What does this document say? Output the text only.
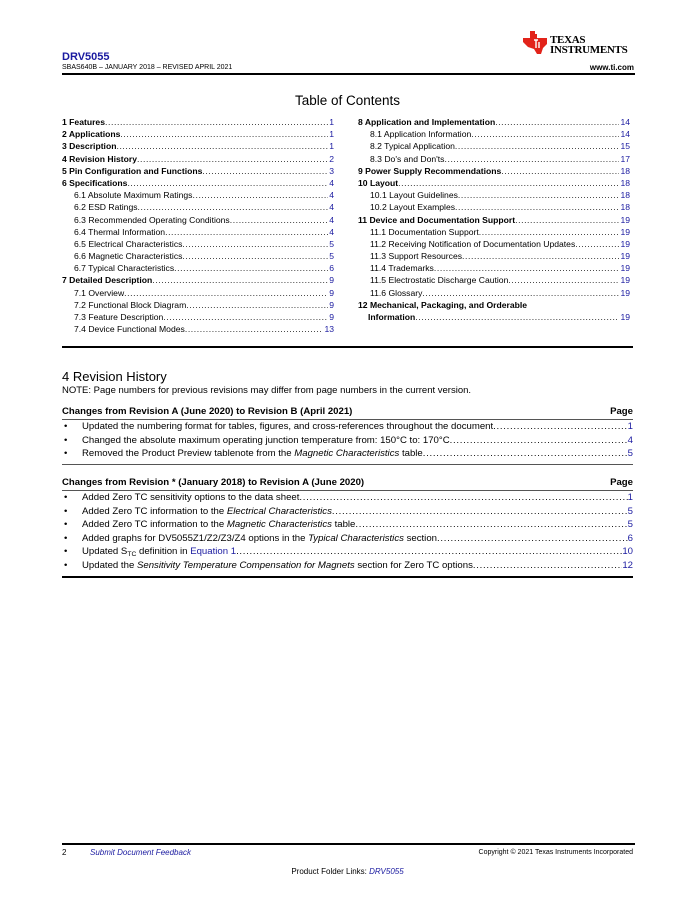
DRV5055
SBAS640B – JANUARY 2018 – REVISED APRIL 2021
TEXAS
INSTRUMENTS
www.ti.com
Table of Contents
1 Features .....	1
2 Applications .....	1
3 Description .....	1
4 Revision History .....	2
5 Pin Configuration and Functions .....	3
6 Specifications .....	4
6.1 Absolute Maximum Ratings .....	4
6.2 ESD Ratings .....	4
6.3 Recommended Operating Conditions .....	4
6.4 Thermal Information .....	4
6.5 Electrical Characteristics .....	5
6.6 Magnetic Characteristics .....	5
6.7 Typical Characteristics .....	6
7 Detailed Description .....	9
7.1 Overview .....	9
7.2 Functional Block Diagram .....	9
7.3 Feature Description .....	9
7.4 Device Functional Modes .....	13
8 Application and Implementation .....	14
8.1 Application Information .....	14
8.2 Typical Application .....	15
8.3 Do's and Don'ts .....	17
9 Power Supply Recommendations .....	18
10 Layout .....	18
10.1 Layout Guidelines .....	18
10.2 Layout Examples .....	18
11 Device and Documentation Support .....	19
11.1 Documentation Support .....	19
11.2 Receiving Notification of Documentation Updates .....	19
11.3 Support Resources .....	19
11.4 Trademarks .....	19
11.5 Electrostatic Discharge Caution .....	19
11.6 Glossary .....	19
12 Mechanical, Packaging, and Orderable
Information .....	19
4 Revision History
NOTE: Page numbers for previous revisions may differ from page numbers in the current version.
Changes from Revision A (June 2020) to Revision B (April 2021)	Page
•	Updated the numbering format for tables, figures, and cross-references throughout the document .....	1
•	Changed the absolute maximum operating junction temperature from: 150°C to: 170°C .....	4
•	Removed the Product Preview tablenote from the Magnetic Characteristics table .....	5
Changes from Revision * (January 2018) to Revision A (June 2020)	Page
•	Added Zero TC sensitivity options to the data sheet .....	1
•	Added Zero TC information to the Electrical Characteristics .....	5
•	Added Zero TC information to the Magnetic Characteristics table .....	5
•	Added graphs for DV5055Z1/Z2/Z3/Z4 options in the Typical Characteristics section .....	6
•	Updated $S_{TC}$ definition in Equation 1 .....	10
•	Updated the Sensitivity Temperature Compensation for Magnets section for Zero TC options .....	12
2	Submit Document Feedback	Copyright © 2021 Texas Instruments Incorporated
Product Folder Links: DRV5055
